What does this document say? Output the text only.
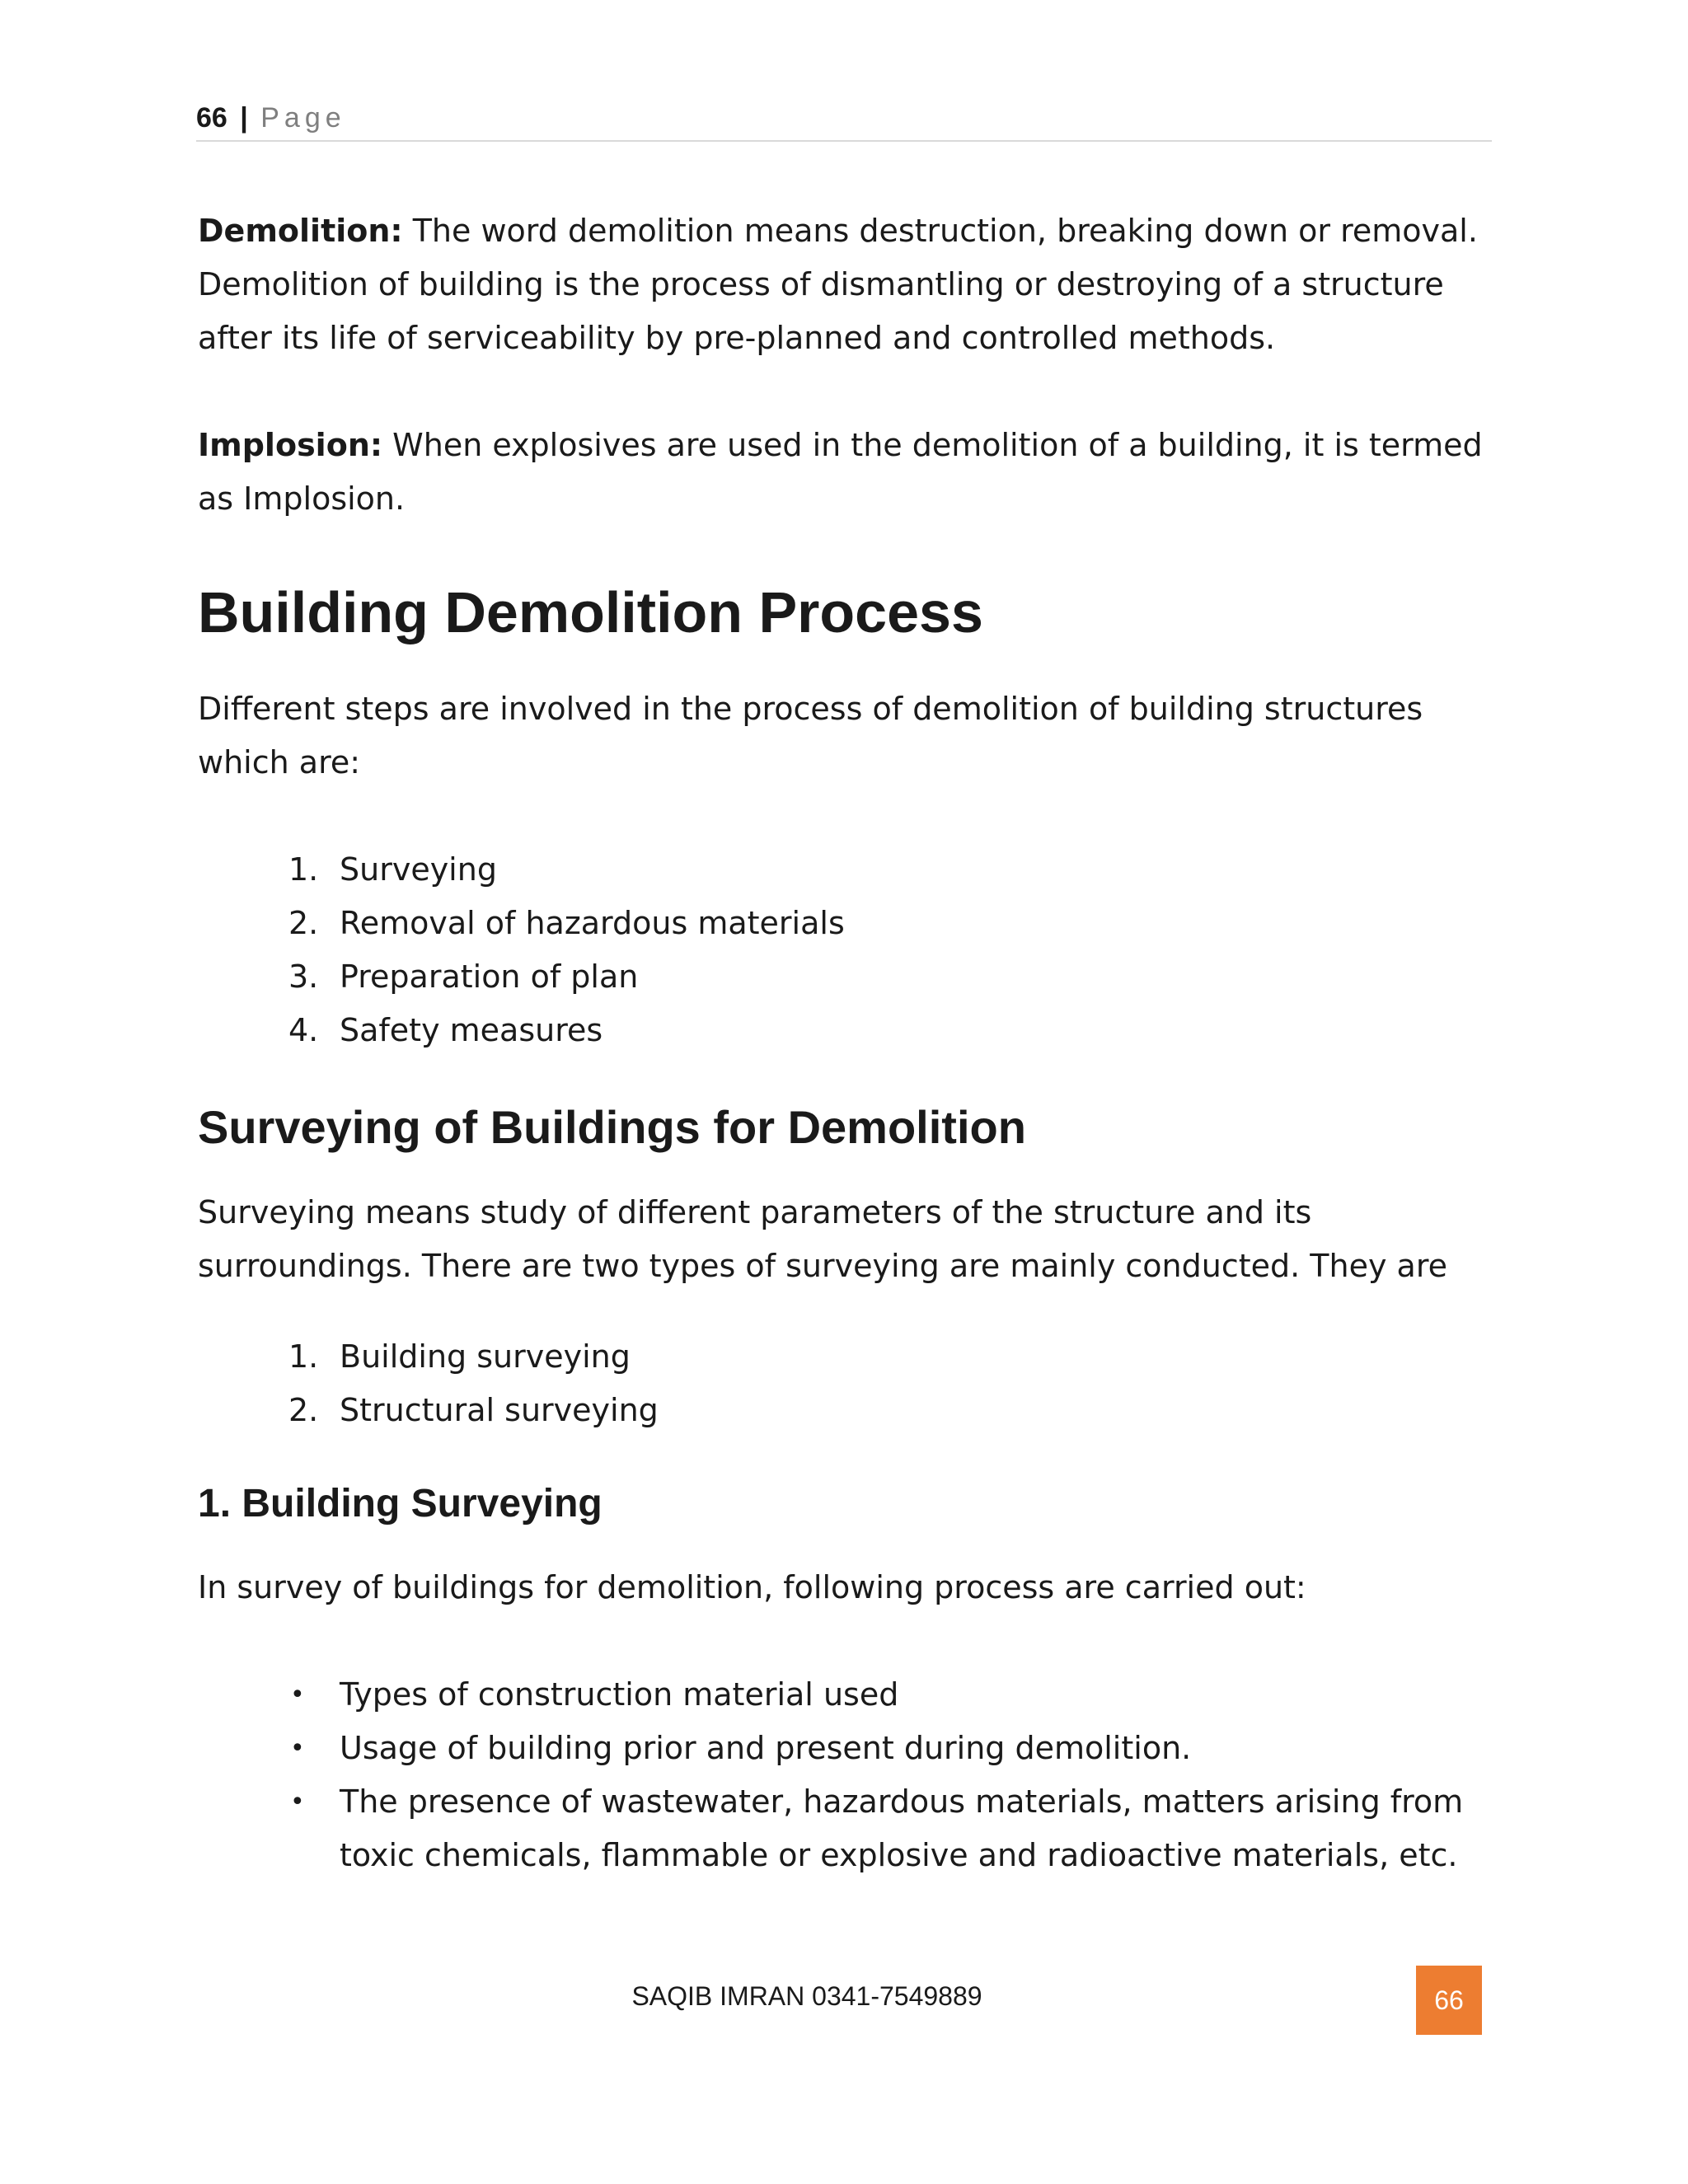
66 | Page

Demolition: The word demolition means destruction, breaking down or removal. Demolition of building is the process of dismantling or destroying of a structure after its life of serviceability by pre-planned and controlled methods.

Implosion: When explosives are used in the demolition of a building, it is termed as Implosion.

Building Demolition Process

Different steps are involved in the process of demolition of building structures which are:

1. Surveying
2. Removal of hazardous materials
3. Preparation of plan
4. Safety measures
Surveying of Buildings for Demolition

Surveying means study of different parameters of the structure and its surroundings. There are two types of surveying are mainly conducted. They are

1. Building surveying
2. Structural surveying
1. Building Surveying

In survey of buildings for demolition, following process are carried out:

•	Types of construction material used
•	Usage of building prior and present during demolition.
•	The presence of wastewater, hazardous materials, matters arising from toxic chemicals, flammable or explosive and radioactive materials, etc.
SAQIB IMRAN 0341-7549889	66
